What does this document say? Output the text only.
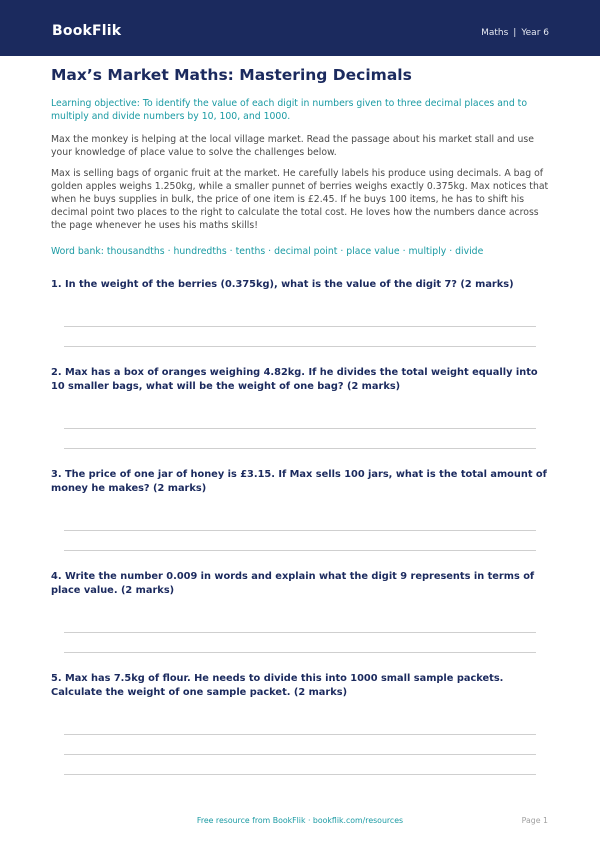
BookFlik	Maths | Year 6
Max’s Market Maths: Mastering Decimals
Learning objective: To identify the value of each digit in numbers given to three decimal places and to multiply and divide numbers by 10, 100, and 1000.

Max the monkey is helping at the local village market. Read the passage about his market stall and use your knowledge of place value to solve the challenges below.

Max is selling bags of organic fruit at the market. He carefully labels his produce using decimals. A bag of golden apples weighs 1.250kg, while a smaller punnet of berries weighs exactly 0.375kg. Max notices that when he buys supplies in bulk, the price of one item is £2.45. If he buys 100 items, he has to shift his decimal point two places to the right to calculate the total cost. He loves how the numbers dance across the page whenever he uses his maths skills!

Word bank: thousandths · hundredths · tenths · decimal point · place value · multiply · divide
1. In the weight of the berries (0.375kg), what is the value of the digit 7? (2 marks)
2. Max has a box of oranges weighing 4.82kg. If he divides the total weight equally into 10 smaller bags, what will be the weight of one bag? (2 marks)
3. The price of one jar of honey is £3.15. If Max sells 100 jars, what is the total amount of money he makes? (2 marks)
4. Write the number 0.009 in words and explain what the digit 9 represents in terms of place value. (2 marks)
5. Max has 7.5kg of flour. He needs to divide this into 1000 small sample packets. Calculate the weight of one sample packet. (2 marks)
Free resource from BookFlik · bookflik.com/resources	Page 1
